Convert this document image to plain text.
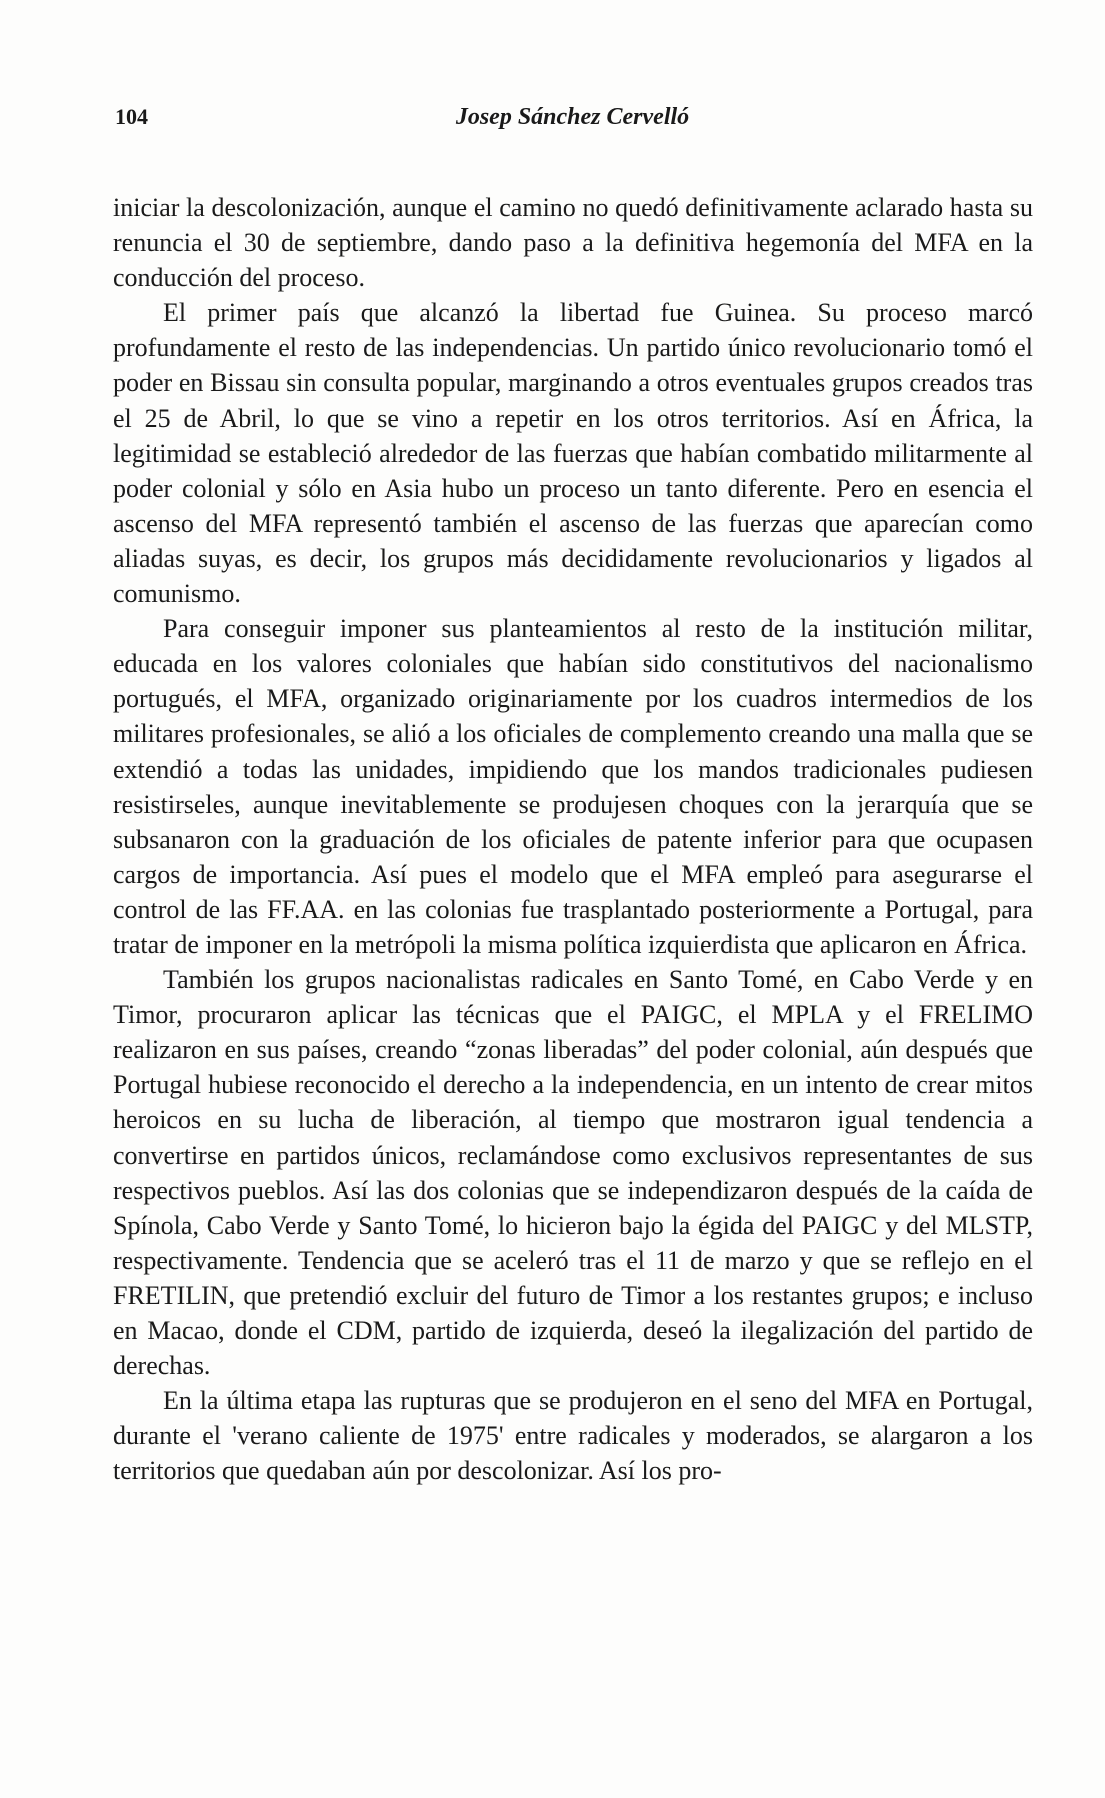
104	Josep Sánchez Cervelló

iniciar la descolonización, aunque el camino no quedó definitivamente aclarado hasta su renuncia el 30 de septiembre, dando paso a la definitiva hegemonía del MFA en la conducción del proceso.

El primer país que alcanzó la libertad fue Guinea. Su proceso marcó profundamente el resto de las independencias. Un partido único revolucionario tomó el poder en Bissau sin consulta popular, marginando a otros eventuales grupos creados tras el 25 de Abril, lo que se vino a repetir en los otros territorios. Así en África, la legitimidad se estableció alrededor de las fuerzas que habían combatido militarmente al poder colonial y sólo en Asia hubo un proceso un tanto diferente. Pero en esencia el ascenso del MFA representó también el ascenso de las fuerzas que aparecían como aliadas suyas, es decir, los grupos más decididamente revolucionarios y ligados al comunismo.

Para conseguir imponer sus planteamientos al resto de la institución militar, educada en los valores coloniales que habían sido constitutivos del nacionalismo portugués, el MFA, organizado originariamente por los cuadros intermedios de los militares profesionales, se alió a los oficiales de complemento creando una malla que se extendió a todas las unidades, impidiendo que los mandos tradicionales pudiesen resistirseles, aunque inevitablemente se produjesen choques con la jerarquía que se subsanaron con la graduación de los oficiales de patente inferior para que ocupasen cargos de importancia. Así pues el modelo que el MFA empleó para asegurarse el control de las FF.AA. en las colonias fue trasplantado posteriormente a Portugal, para tratar de imponer en la metrópoli la misma política izquierdista que aplicaron en África.

También los grupos nacionalistas radicales en Santo Tomé, en Cabo Verde y en Timor, procuraron aplicar las técnicas que el PAIGC, el MPLA y el FRELIMO realizaron en sus países, creando “zonas liberadas” del poder colonial, aún después que Portugal hubiese reconocido el derecho a la independencia, en un intento de crear mitos heroicos en su lucha de liberación, al tiempo que mostraron igual tendencia a convertirse en partidos únicos, reclamándose como exclusivos representantes de sus respectivos pueblos. Así las dos colonias que se independizaron después de la caída de Spínola, Cabo Verde y Santo Tomé, lo hicieron bajo la égida del PAIGC y del MLSTP, respectivamente. Tendencia que se aceleró tras el 11 de marzo y que se reflejo en el FRETILIN, que pretendió excluir del futuro de Timor a los restantes grupos; e incluso en Macao, donde el CDM, partido de izquierda, deseó la ilegalización del partido de derechas.

En la última etapa las rupturas que se produjeron en el seno del MFA en Portugal, durante el 'verano caliente de 1975' entre radicales y moderados, se alargaron a los territorios que quedaban aún por descolonizar. Así los pro-
